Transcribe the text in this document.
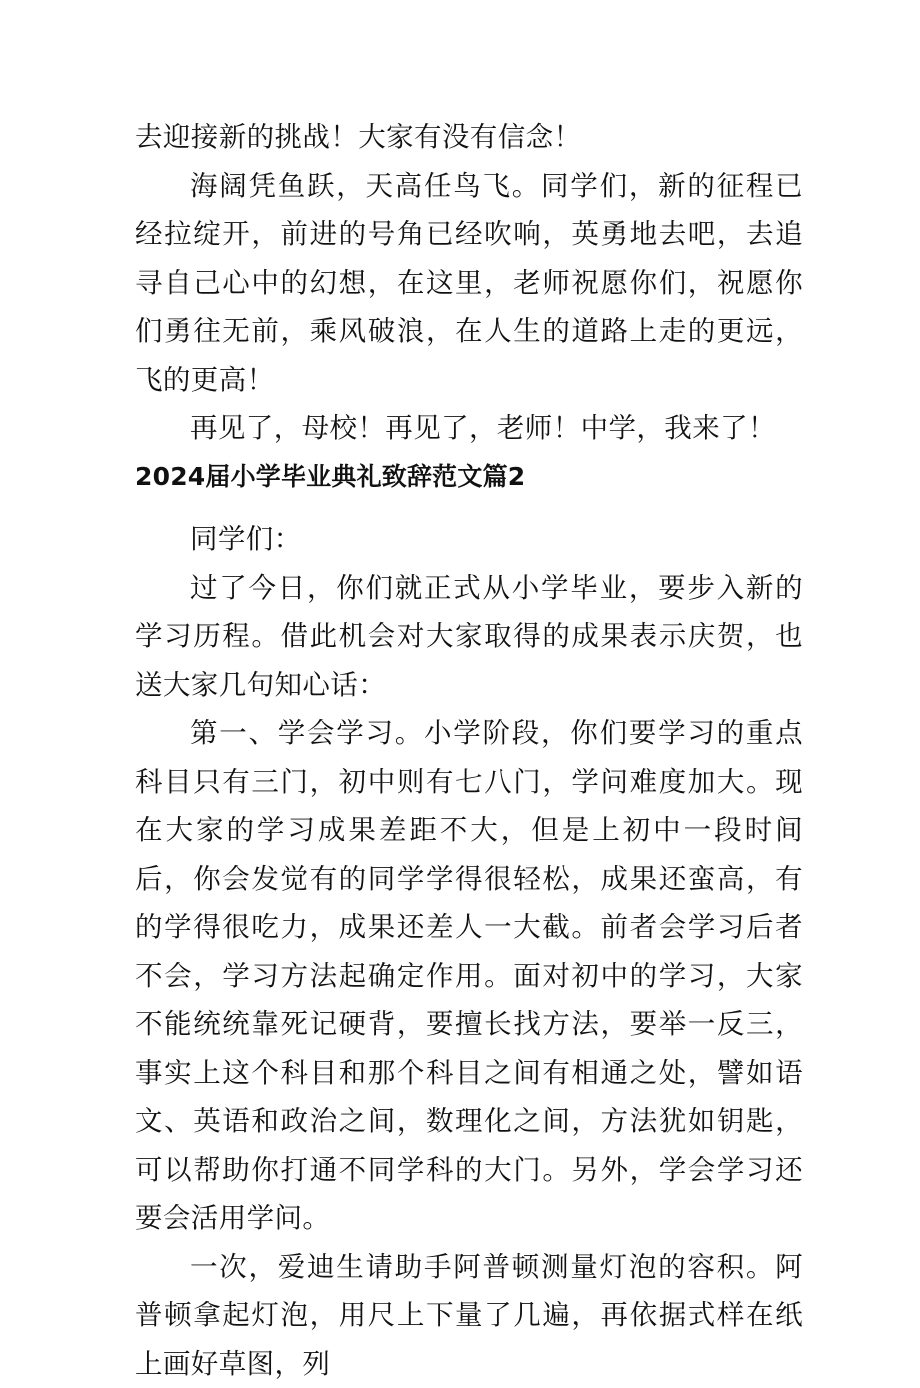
去迎接新的挑战！大家有没有信念！

海阔凭鱼跃，天高任鸟飞。同学们，新的征程已经拉绽开，前进的号角已经吹响，英勇地去吧，去追寻自己心中的幻想，在这里，老师祝愿你们，祝愿你们勇往无前，乘风破浪，在人生的道路上走的更远，飞的更高！

再见了，母校！再见了，老师！中学，我来了！

2024届小学毕业典礼致辞范文篇2

同学们：

过了今日，你们就正式从小学毕业，要步入新的学习历程。借此机会对大家取得的成果表示庆贺，也送大家几句知心话：

第一、学会学习。小学阶段，你们要学习的重点科目只有三门，初中则有七八门，学问难度加大。现在大家的学习成果差距不大，但是上初中一段时间后，你会发觉有的同学学得很轻松，成果还蛮高，有的学得很吃力，成果还差人一大截。前者会学习后者不会，学习方法起确定作用。面对初中的学习，大家不能统统靠死记硬背，要擅长找方法，要举一反三，事实上这个科目和那个科目之间有相通之处，譬如语文、英语和政治之间，数理化之间，方法犹如钥匙，可以帮助你打通不同学科的大门。另外，学会学习还要会活用学问。

一次，爱迪生请助手阿普顿测量灯泡的容积。阿普顿拿起灯泡，用尺上下量了几遍，再依据式样在纸上画好草图，列
